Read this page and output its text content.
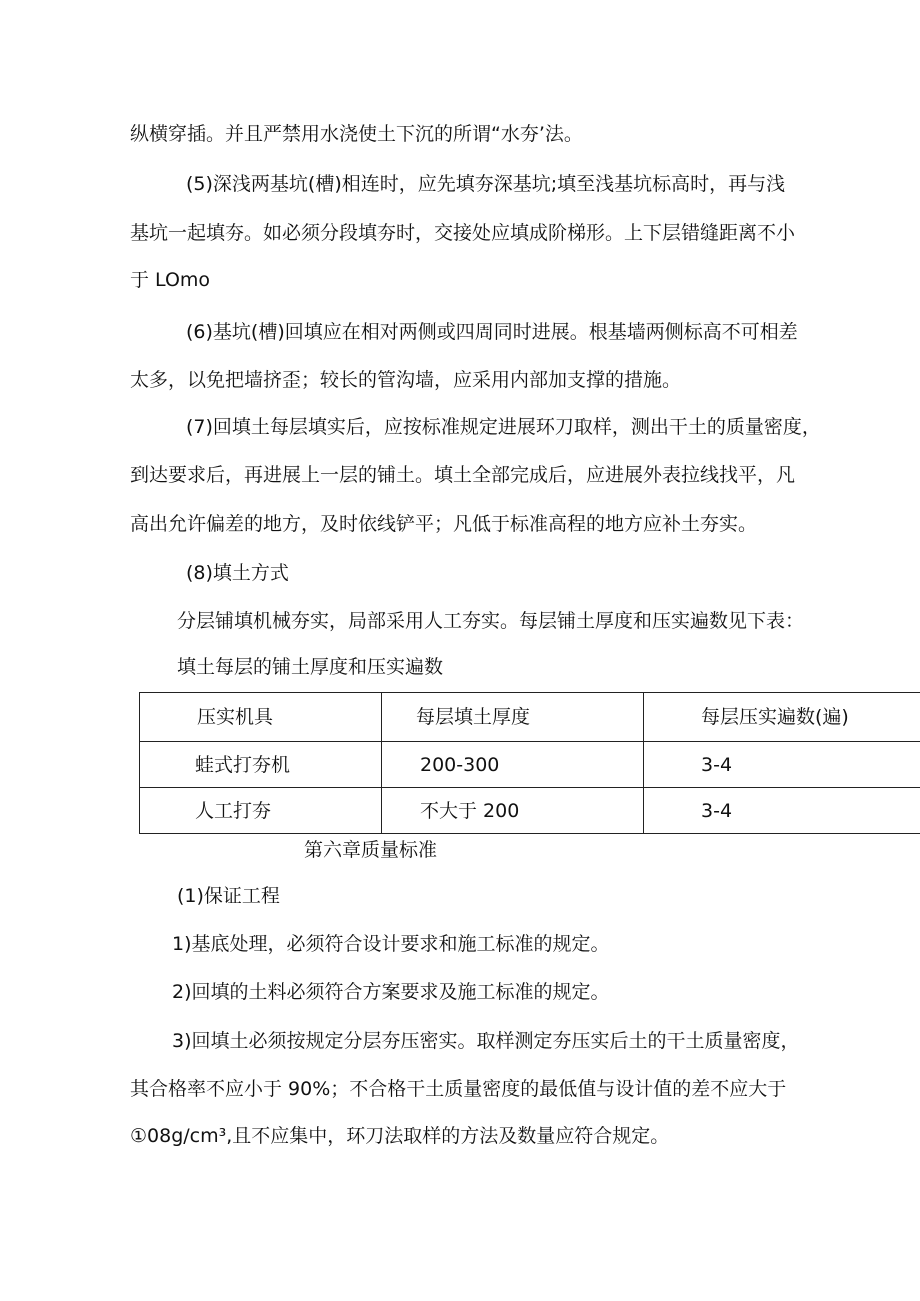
纵横穿插。并且严禁用水浇使土下沉的所谓“水夯’法。
(5)深浅两基坑(槽)相连时，应先填夯深基坑;填至浅基坑标高时，再与浅
基坑一起填夯。如必须分段填夯时，交接处应填成阶梯形。上下层错缝距离不小
于 LOmo
(6)基坑(槽)回填应在相对两侧或四周同时进展。根基墙两侧标高不可相差
太多，以免把墙挤歪；较长的管沟墙，应采用内部加支撑的措施。
(7)回填土每层填实后，应按标准规定进展环刀取样，测出干土的质量密度，
到达要求后，再进展上一层的铺土。填土全部完成后，应进展外表拉线找平，凡
高出允许偏差的地方，及时依线铲平；凡低于标准高程的地方应补土夯实。
(8)填土方式
分层铺填机械夯实，局部采用人工夯实。每层铺土厚度和压实遍数见下表：
填土每层的铺土厚度和压实遍数
压实机具	每层填土厚度	每层压实遍数(遍)
蛙式打夯机	200-300	3-4
人工打夯	不大于 200	3-4
第六章质量标准
(1)保证工程
1)基底处理，必须符合设计要求和施工标准的规定。
2)回填的土料必须符合方案要求及施工标准的规定。
3)回填土必须按规定分层夯压密实。取样测定夯压实后土的干土质量密度，
其合格率不应小于 90%；不合格干土质量密度的最低值与设计值的差不应大于
①08g/cm³,且不应集中，环刀法取样的方法及数量应符合规定。
